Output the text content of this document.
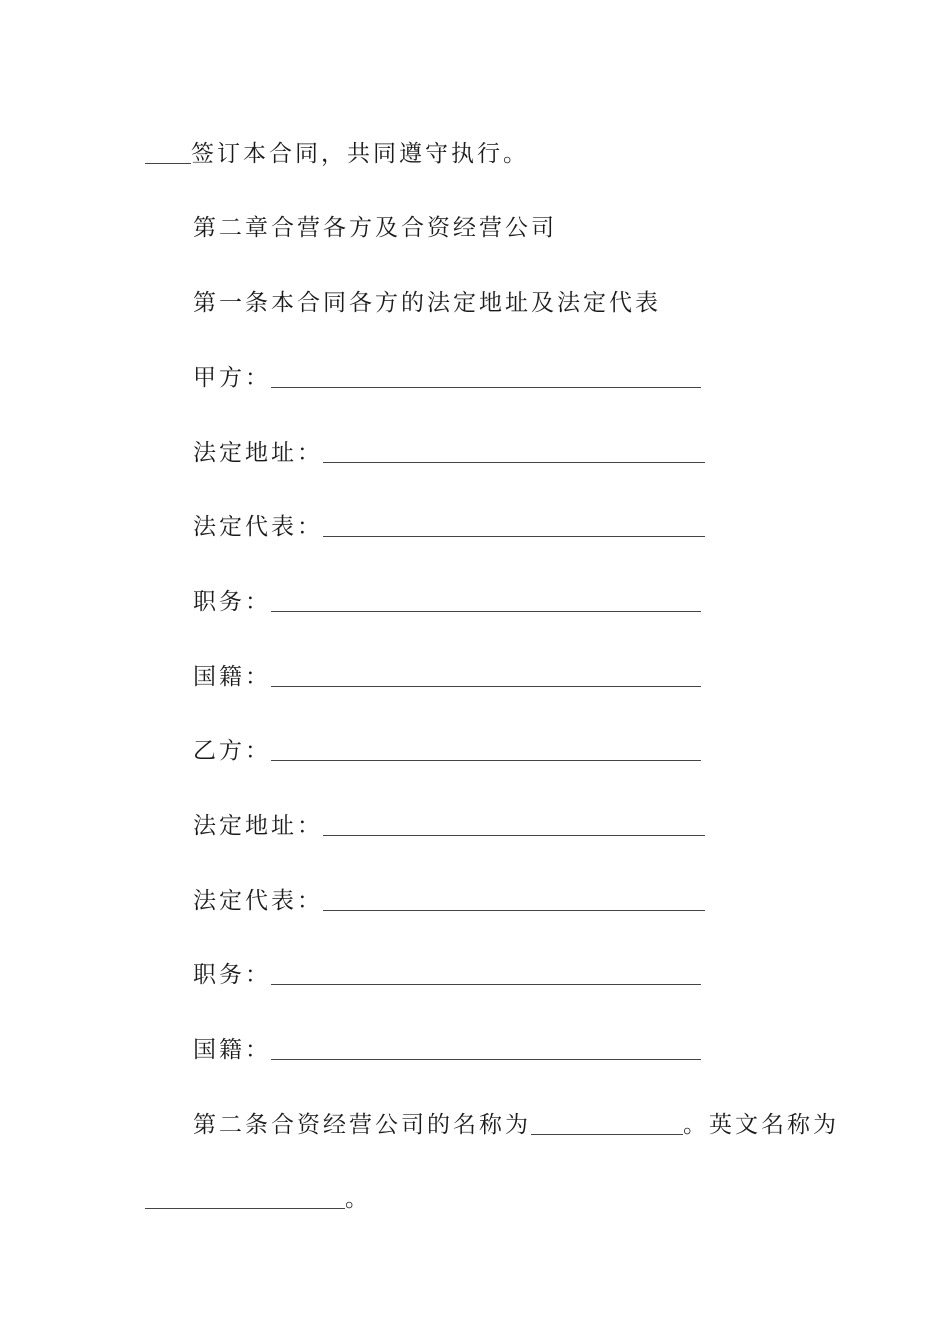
签订本合同，共同遵守执行。
第二章合营各方及合资经营公司
第一条本合同各方的法定地址及法定代表
甲方：
法定地址：
法定代表：
职务：
国籍：
乙方：
法定地址：
法定代表：
职务：
国籍：
第二条合资经营公司的名称为	。英文名称为
。
